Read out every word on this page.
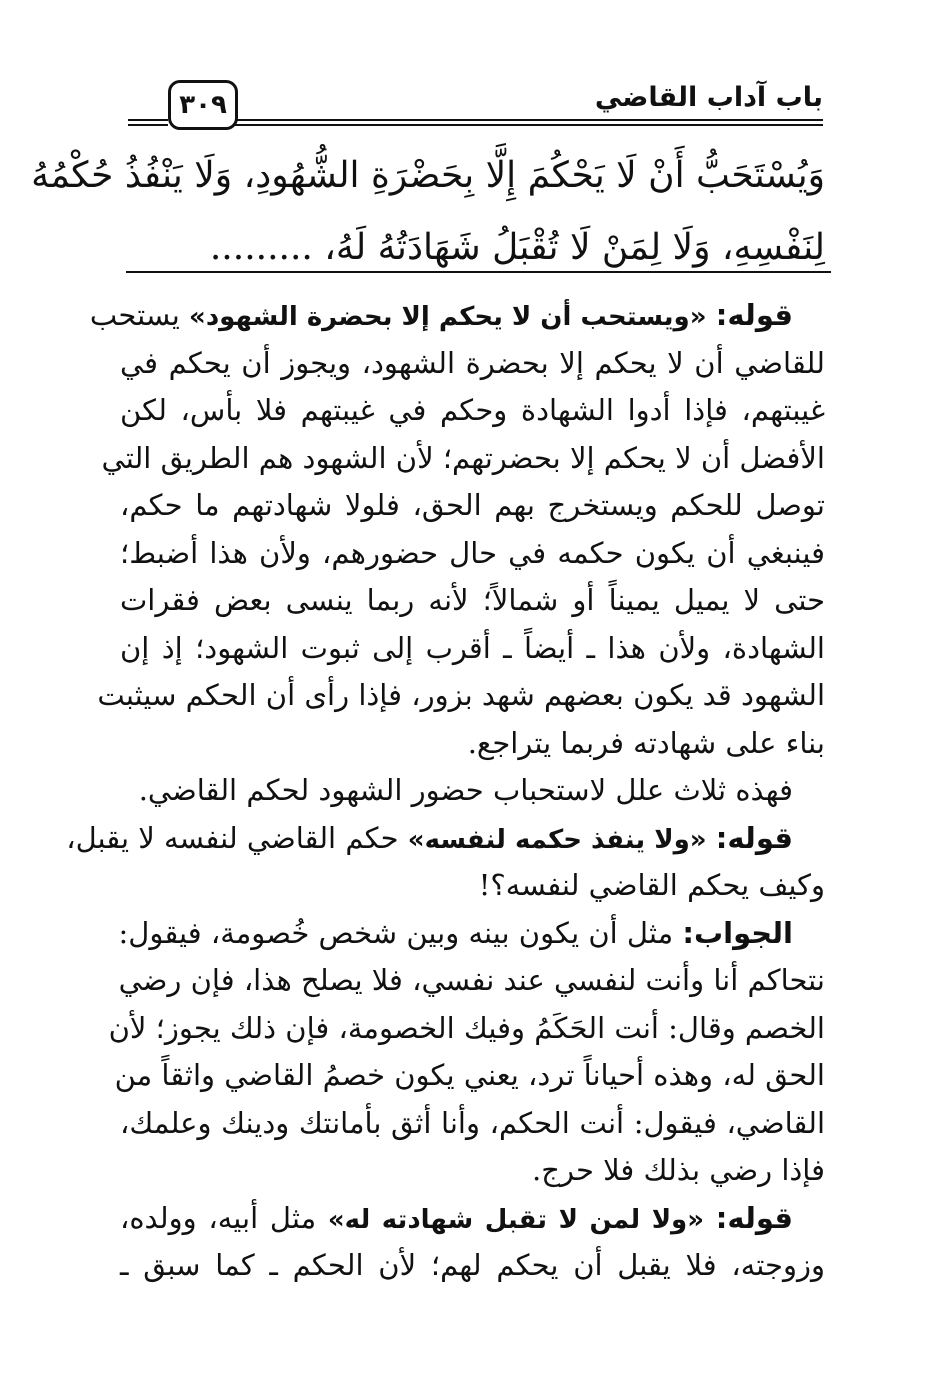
باب آداب القاضي
٣٠٩
وَيُسْتَحَبُّ أَنْ لَا يَحْكُمَ إِلَّا بِحَضْرَةِ الشُّهُودِ، وَلَا يَنْفُذُ حُكْمُهُ
لِنَفْسِهِ، وَلَا لِمَنْ لَا تُقْبَلُ شَهَادَتُهُ لَهُ، .........
قوله: «ويستحب أن لا يحكم إلا بحضرة الشهود» يستحب
للقاضي أن لا يحكم إلا بحضرة الشهود، ويجوز أن يحكم في
غيبتهم، فإذا أدوا الشهادة وحكم في غيبتهم فلا بأس، لكن
الأفضل أن لا يحكم إلا بحضرتهم؛ لأن الشهود هم الطريق التي
توصل للحكم ويستخرج بهم الحق، فلولا شهادتهم ما حكم،
فينبغي أن يكون حكمه في حال حضورهم، ولأن هذا أضبط؛
حتى لا يميل يميناً أو شمالاً؛ لأنه ربما ينسى بعض فقرات
الشهادة، ولأن هذا ـ أيضاً ـ أقرب إلى ثبوت الشهود؛ إذ إن
الشهود قد يكون بعضهم شهد بزور، فإذا رأى أن الحكم سيثبت
بناء على شهادته فربما يتراجع.
فهذه ثلاث علل لاستحباب حضور الشهود لحكم القاضي.
قوله: «ولا ينفذ حكمه لنفسه» حكم القاضي لنفسه لا يقبل،
وكيف يحكم القاضي لنفسه؟!
الجواب: مثل أن يكون بينه وبين شخص خُصومة، فيقول:
نتحاكم أنا وأنت لنفسي عند نفسي، فلا يصلح هذا، فإن رضي
الخصم وقال: أنت الحَكَمُ وفيك الخصومة، فإن ذلك يجوز؛ لأن
الحق له، وهذه أحياناً ترد، يعني يكون خصمُ القاضي واثقاً من
القاضي، فيقول: أنت الحكم، وأنا أثق بأمانتك ودينك وعلمك،
فإذا رضي بذلك فلا حرج.
قوله: «ولا لمن لا تقبل شهادته له» مثل أبيه، وولده،
وزوجته، فلا يقبل أن يحكم لهم؛ لأن الحكم ـ كما سبق ـ
